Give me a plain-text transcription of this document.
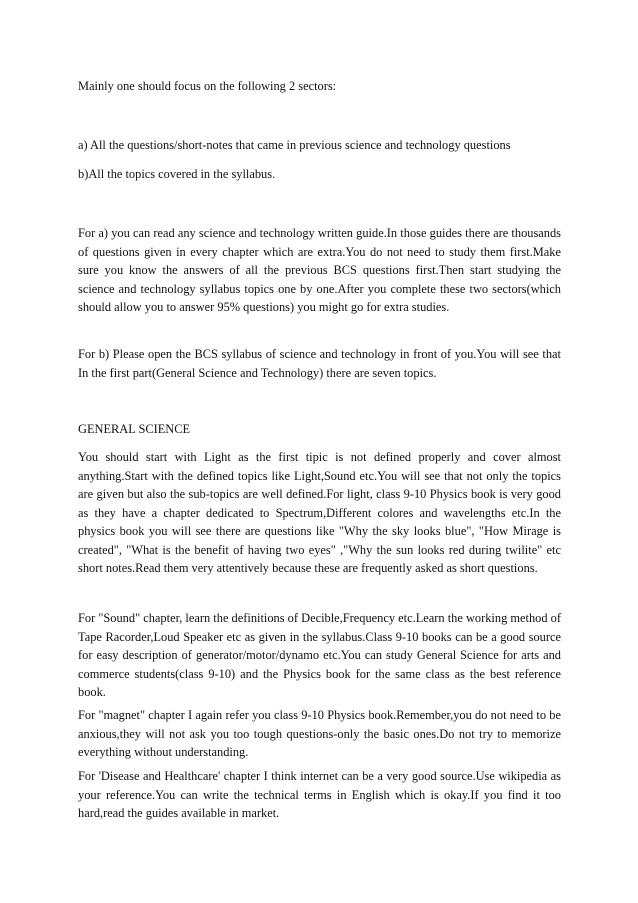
Mainly one should focus on the following 2 sectors:

a) All the questions/short-notes that came in previous science and technology questions

b)All the topics covered in the syllabus.

For a) you can read any science and technology written guide.In those guides there are thousands of questions given in every chapter which are extra.You do not need to study them first.Make sure you know the answers of all the previous BCS questions first.Then start studying the science and technology syllabus topics one by one.After you complete these two sectors(which should allow you to answer 95% questions) you might go for extra studies.

For b) Please open the BCS syllabus of science and technology in front of you.You will see that In the first part(General Science and Technology) there are seven topics.

GENERAL SCIENCE

You should start with Light as the first tipic is not defined properly and cover almost anything.Start with the defined topics like Light,Sound etc.You will see that not only the topics are given but also the sub-topics are well defined.For light, class 9-10 Physics book is very good as they have a chapter dedicated to Spectrum,Different colores and wavelengths etc.In the physics book you will see there are questions like "Why the sky looks blue", "How Mirage is created", "What is the benefit of having two eyes" ,"Why the sun looks red during twilite" etc short notes.Read them very attentively because these are frequently asked as short questions.

For "Sound" chapter, learn the definitions of Decible,Frequency etc.Learn the working method of Tape Racorder,Loud Speaker etc as given in the syllabus.Class 9-10 books can be a good source for easy description of generator/motor/dynamo etc.You can study General Science for arts and commerce students(class 9-10) and the Physics book for the same class as the best reference book.

For "magnet" chapter I again refer you class 9-10 Physics book.Remember,you do not need to be anxious,they will not ask you too tough questions-only the basic ones.Do not try to memorize everything without understanding.

For 'Disease and Healthcare' chapter I think internet can be a very good source.Use wikipedia as your reference.You can write the technical terms in English which is okay.If you find it too hard,read the guides available in market.
